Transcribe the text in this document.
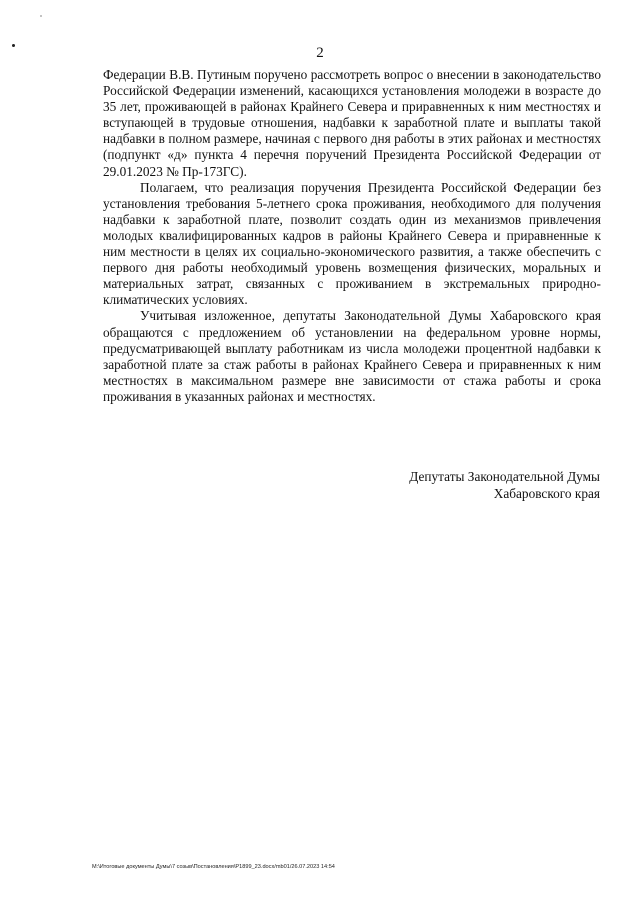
2

Федерации В.В. Путиным поручено рассмотреть вопрос о внесении в законодательство Российской Федерации изменений, касающихся установления молодежи в возрасте до 35 лет, проживающей в районах Крайнего Севера и приравненных к ним местностях и вступающей в трудовые отношения, надбавки к заработной плате и выплаты такой надбавки в полном размере, начиная с первого дня работы в этих районах и местностях (подпункт «д» пункта 4 перечня поручений Президента Российской Федерации от 29.01.2023 № Пр-173ГС).

Полагаем, что реализация поручения Президента Российской Федерации без установления требования 5-летнего срока проживания, необходимого для получения надбавки к заработной плате, позволит создать один из механизмов привлечения молодых квалифицированных кадров в районы Крайнего Севера и приравненные к ним местности в целях их социально-экономического развития, а также обеспечить с первого дня работы необходимый уровень возмещения физических, моральных и материальных затрат, связанных с проживанием в экстремальных природно-климатических условиях.

Учитывая изложенное, депутаты Законодательной Думы Хабаровского края обращаются с предложением об установлении на федеральном уровне нормы, предусматривающей выплату работникам из числа молодежи процентной надбавки к заработной плате за стаж работы в районах Крайнего Севера и приравненных к ним местностях в максимальном размере вне зависимости от стажа работы и срока проживания в указанных районах и местностях.

Депутаты Законодательной Думы
Хабаровского края
M:\Итоговые документы Думы\7 созыв\Постановления\P1899_23.docx/mb01/26.07.2023 14:54
